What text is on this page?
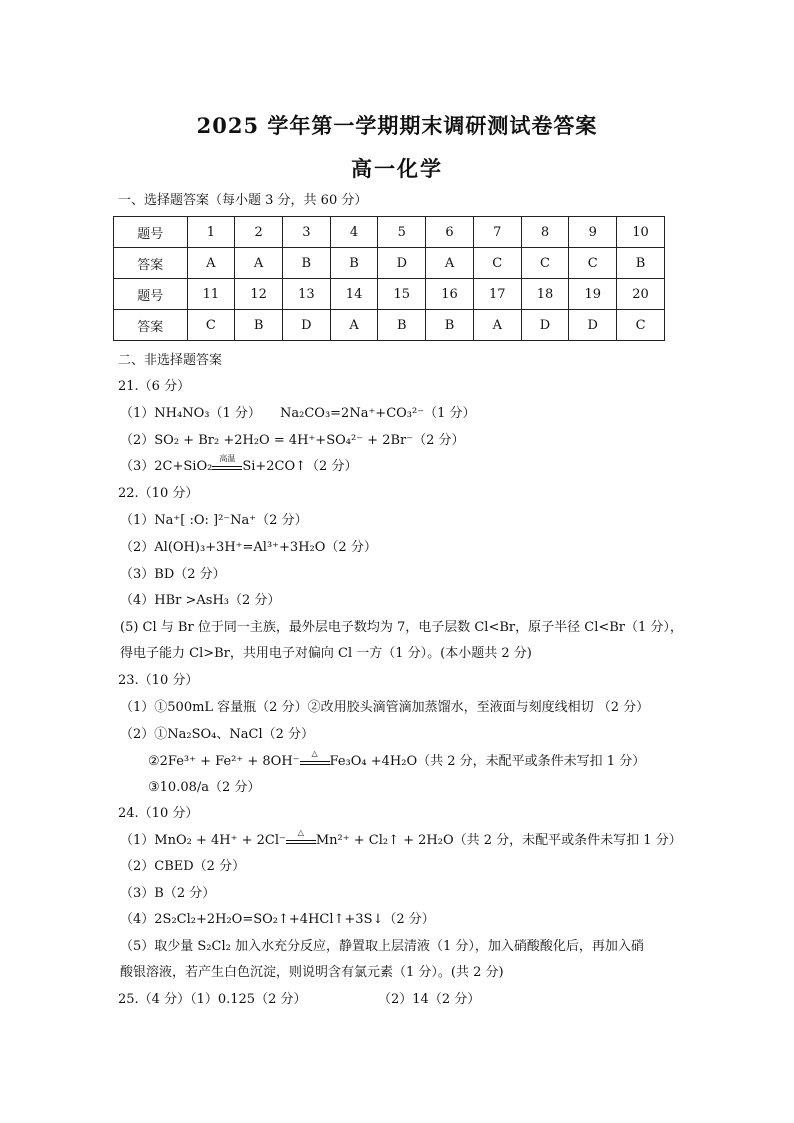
2025 学年第一学期期末调研测试卷答案
高一化学
一、选择题答案（每小题 3 分，共 60 分）
题号	1	2	3	4	5	6	7	8	9	10
答案	A	A	B	B	D	A	C	C	C	B
题号	11	12	13	14	15	16	17	18	19	20
答案	C	B	D	A	B	B	A	D	D	C
二、非选择题答案
21.（6 分）
（1）NH₄NO₃（1 分） Na₂CO₃=2Na⁺+CO₃²⁻（1 分）
（2）SO₂ + Br₂ +2H₂O = 4H⁺+SO₄²⁻ + 2Br⁻（2 分）
（3）2C+SiO₂
高温
Si+2CO↑（2 分）
22.（10 分）
（1）Na⁺[ :O: ]²⁻Na⁺（2 分）
（2）Al(OH)₃+3H⁺=Al³⁺+3H₂O（2 分）
（3）BD（2 分）
（4）HBr >AsH₃（2 分）
(5) Cl 与 Br 位于同一主族，最外层电子数均为 7，电子层数 Cl<Br，原子半径 Cl<Br（1 分），
得电子能力 Cl>Br，共用电子对偏向 Cl 一方（1 分）。(本小题共 2 分)
23.（10 分）
（1）①500mL 容量瓶（2 分）②改用胶头滴管滴加蒸馏水，至液面与刻度线相切 （2 分）
（2）①Na₂SO₄、NaCl（2 分）
②2Fe³⁺ + Fe²⁺ + 8OH⁻
△
Fe₃O₄ +4H₂O（共 2 分，未配平或条件未写扣 1 分）
③10.08/a（2 分）
24.（10 分）
（1）MnO₂ + 4H⁺ + 2Cl⁻
△
Mn²⁺ + Cl₂↑ + 2H₂O（共 2 分，未配平或条件未写扣 1 分）
（2）CBED（2 分）
（3）B（2 分）
（4）2S₂Cl₂+2H₂O=SO₂↑+4HCl↑+3S↓（2 分）
（5）取少量 S₂Cl₂ 加入水充分反应，静置取上层清液（1 分），加入硝酸酸化后，再加入硝
酸银溶液，若产生白色沉淀，则说明含有氯元素（1 分）。(共 2 分)
25.（4 分）（1）0.125（2 分）	（2）14（2 分）
